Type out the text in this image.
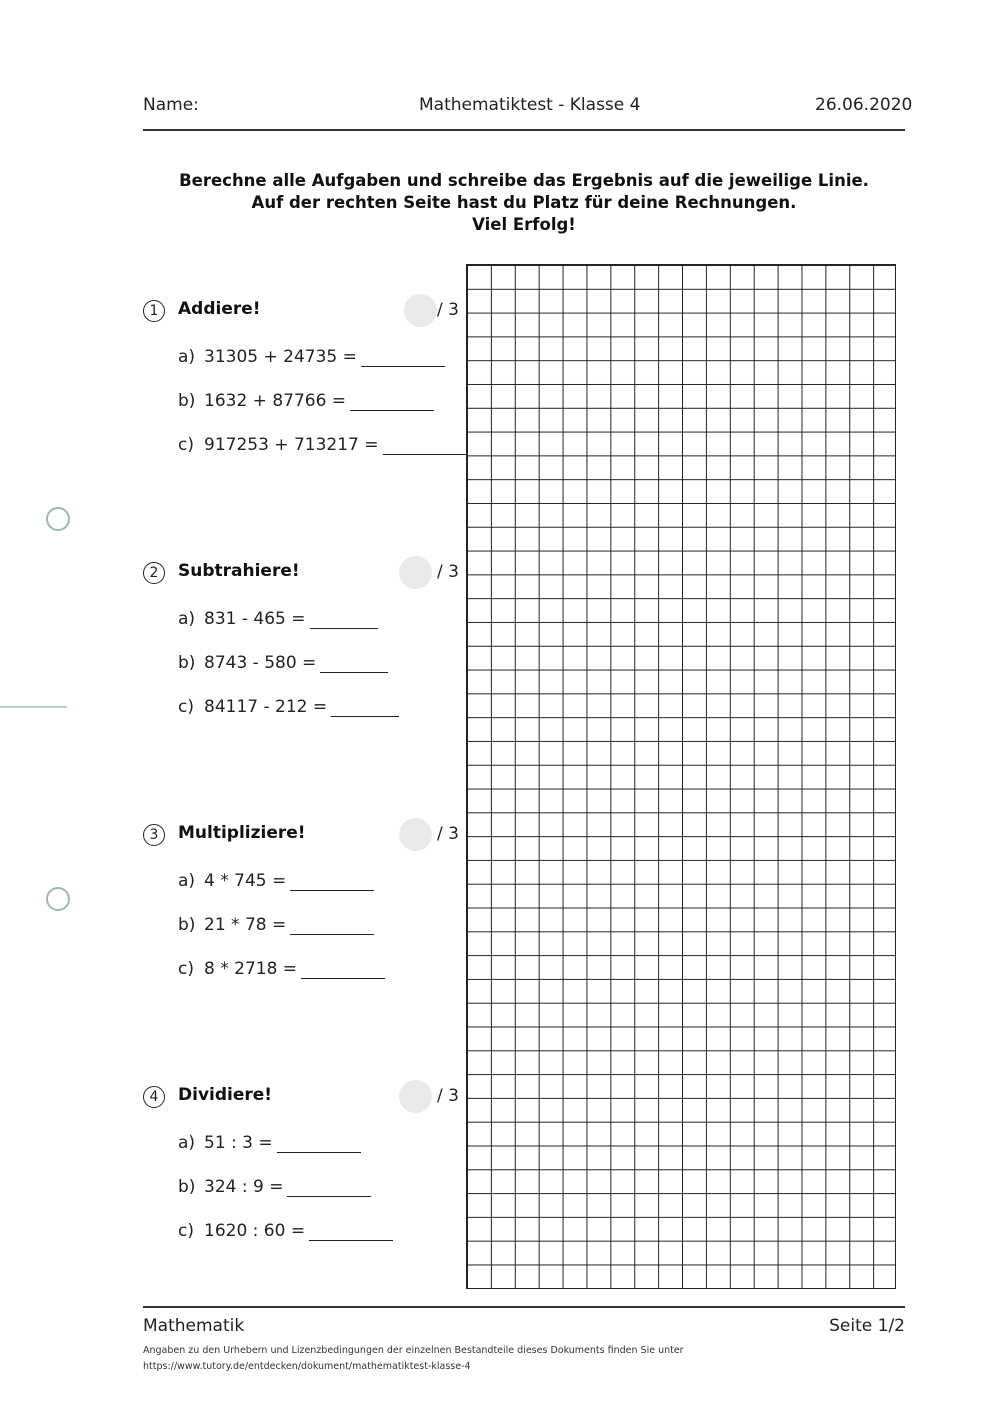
Name:	Mathematiktest - Klasse 4	26.06.2020
Berechne alle Aufgaben und schreibe das Ergebnis auf die jeweilige Linie.
Auf der rechten Seite hast du Platz für deine Rechnungen.
Viel Erfolg!
1	Addiere!	/ 3
a) 31305 + 24735 =
b) 1632 + 87766 =
c) 917253 + 713217 =
2	Subtrahiere!	/ 3
a) 831 - 465 =
b) 8743 - 580 =
c) 84117 - 212 =
3	Multipliziere!	/ 3
a) 4 * 745 =
b) 21 * 78 =
c) 8 * 2718 =
4	Dividiere!	/ 3
a) 51 : 3 =
b) 324 : 9 =
c) 1620 : 60 =
Mathematik	Seite 1/2
Angaben zu den Urhebern und Lizenzbedingungen der einzelnen Bestandteile dieses Dokuments finden Sie unter
https://www.tutory.de/entdecken/dokument/mathematiktest-klasse-4
